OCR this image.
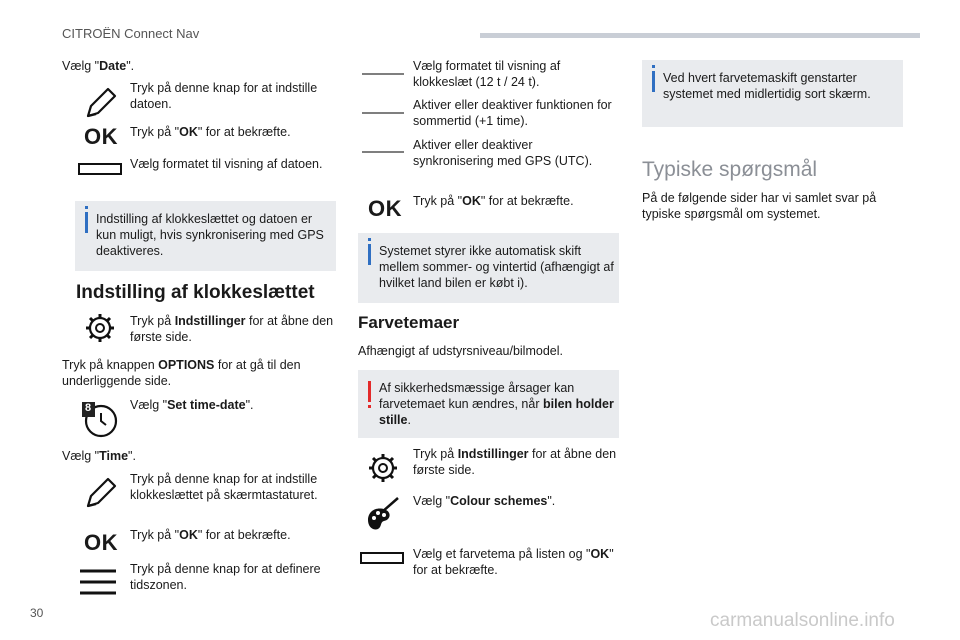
CITROËN Connect Nav
Vælg "Date".
Tryk på denne knap for at indstille datoen.
OK Tryk på "OK" for at bekræfte.
Vælg formatet til visning af datoen.
Indstilling af klokkeslættet og datoen er kun muligt, hvis synkronisering med GPS deaktiveres.
Indstilling af klokkeslættet
Tryk på Indstillinger for at åbne den første side.
Tryk på knappen OPTIONS for at gå til den underliggende side.
8	Vælg "Set time-date".
Vælg "Time".
Tryk på denne knap for at indstille klokkeslættet på skærmtastaturet.
OK Tryk på "OK" for at bekræfte.
Tryk på denne knap for at definere tidszonen.
Vælg formatet til visning af klokkeslæt (12 t / 24 t).
Aktiver eller deaktiver funktionen for sommertid (+1 time).
Aktiver eller deaktiver synkronisering med GPS (UTC).
OK Tryk på "OK" for at bekræfte.
Systemet styrer ikke automatisk skift mellem sommer- og vintertid (afhængigt af hvilket land bilen er købt i).
Farvetemaer
Afhængigt af udstyrsniveau/bilmodel.
Af sikkerhedsmæssige årsager kan farvetemaet kun ændres, når bilen holder stille.
Tryk på Indstillinger for at åbne den første side.
Vælg "Colour schemes".
Vælg et farvetema på listen og "OK" for at bekræfte.
Ved hvert farvetemaskift genstarter systemet med midlertidig sort skærm.
Typiske spørgsmål
På de følgende sider har vi samlet svar på typiske spørgsmål om systemet.
30	carmanualsonline.info
